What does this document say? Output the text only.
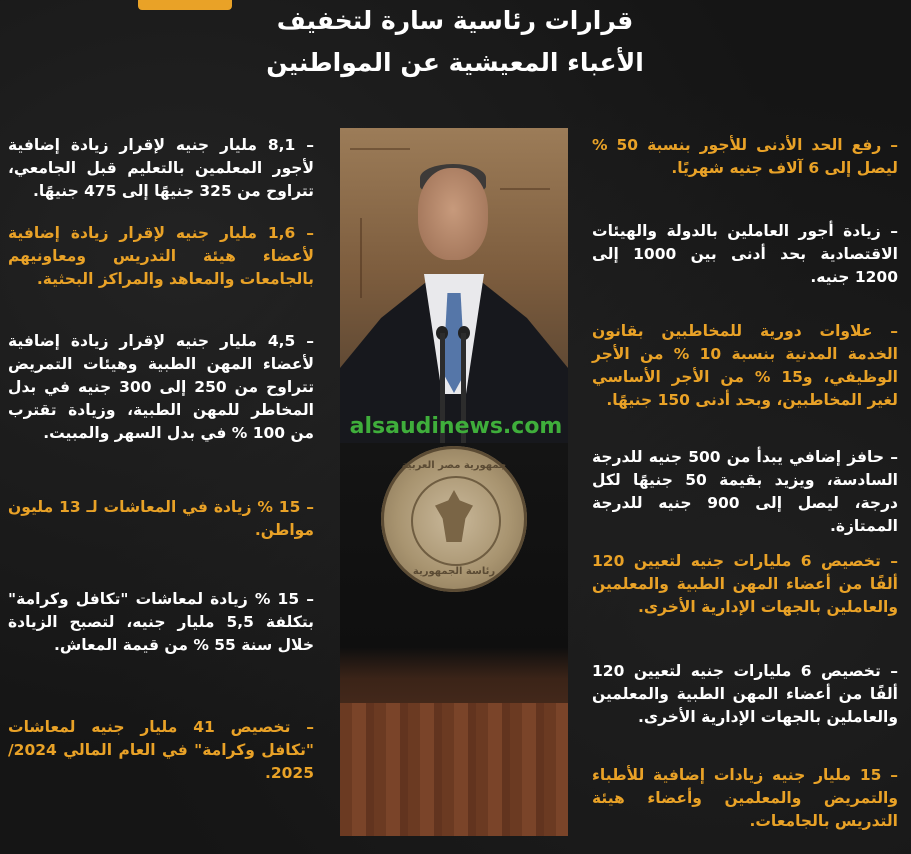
قرارات رئاسية سارة لتخفيف
الأعباء المعيشية عن المواطنين
– رفع الحد الأدنى للأجور بنسبة 50 % ليصل إلى 6 آلاف جنيه شهريًا.
– زيادة أجور العاملين بالدولة والهيئات الاقتصادية بحد أدنى بين 1000 إلى 1200 جنيه.
– علاوات دورية للمخاطبين بقانون الخدمة المدنية بنسبة 10 % من الأجر الوظيفي، و15 % من الأجر الأساسي لغير المخاطبين، وبحد أدنى 150 جنيهًا.
– حافز إضافي يبدأ من 500 جنيه للدرجة السادسة، ويزيد بقيمة 50 جنيهًا لكل درجة، ليصل إلى 900 جنيه للدرجة الممتازة.
– تخصيص 6 مليارات جنيه لتعيين 120 ألفًا من أعضاء المهن الطبية والمعلمين والعاملين بالجهات الإدارية الأخرى.
– تخصيص 6 مليارات جنيه لتعيين 120 ألفًا من أعضاء المهن الطبية والمعلمين والعاملين بالجهات الإدارية الأخرى.
– 15 مليار جنيه زيادات إضافية للأطباء والتمريض والمعلمين وأعضاء هيئة التدريس بالجامعات.
جمهورية مصر العربية
رئاسة الجمهورية
alsaudinews.com
– 8,1 مليار جنيه لإقرار زيادة إضافية لأجور المعلمين بالتعليم قبل الجامعي، تتراوح من 325 جنيهًا إلى 475 جنيهًا.
– 1,6 مليار جنيه لإقرار زيادة إضافية لأعضاء هيئة التدريس ومعاونيهم بالجامعات والمعاهد والمراكز البحثية.
– 4,5 مليار جنيه لإقرار زيادة إضافية لأعضاء المهن الطبية وهيئات التمريض تتراوح من 250 إلى 300 جنيه في بدل المخاطر للمهن الطبية، وزيادة تقترب من 100 % في بدل السهر والمبيت.
– 15 % زيادة في المعاشات لـ 13 مليون مواطن.
– 15 % زيادة لمعاشات "تكافل وكرامة" بتكلفة 5,5 مليار جنيه، لتصبح الزيادة خلال سنة 55 % من قيمة المعاش.
– تخصيص 41 مليار جنيه لمعاشات "تكافل وكرامة" في العام المالي 2024/ 2025.
